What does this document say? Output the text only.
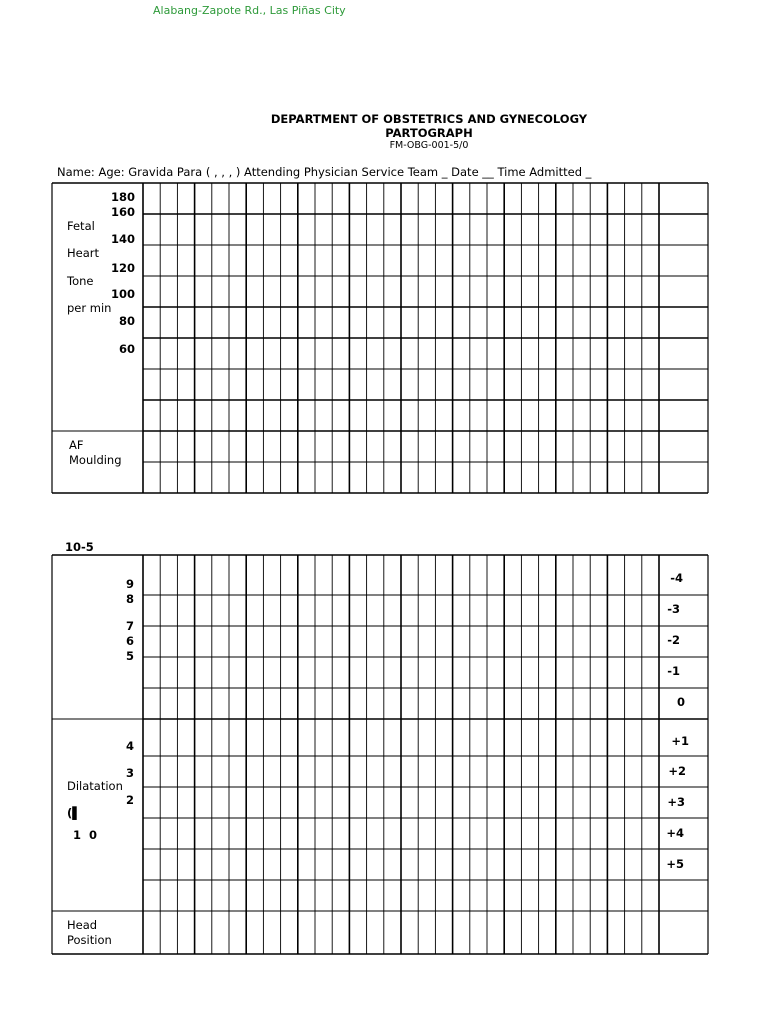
Alabang-Zapote Rd., Las Piñas City
DEPARTMENT OF OBSTETRICS AND GYNECOLOGY
PARTOGRAPH
FM-OBG-001-5/0
Name: Age: Gravida Para ( , , , ) Attending Physician Service Team _ Date __ Time Admitted _
Fetal
Heart
Tone
per min
180
160
140
120
100
80
60
AF
Moulding
10-5
9
8
7
6
5
4
3
2
Dilatation
(▌
1  0
Head
Position
-4
-3
-2
-1
0
+1
+2
+3
+4
+5
